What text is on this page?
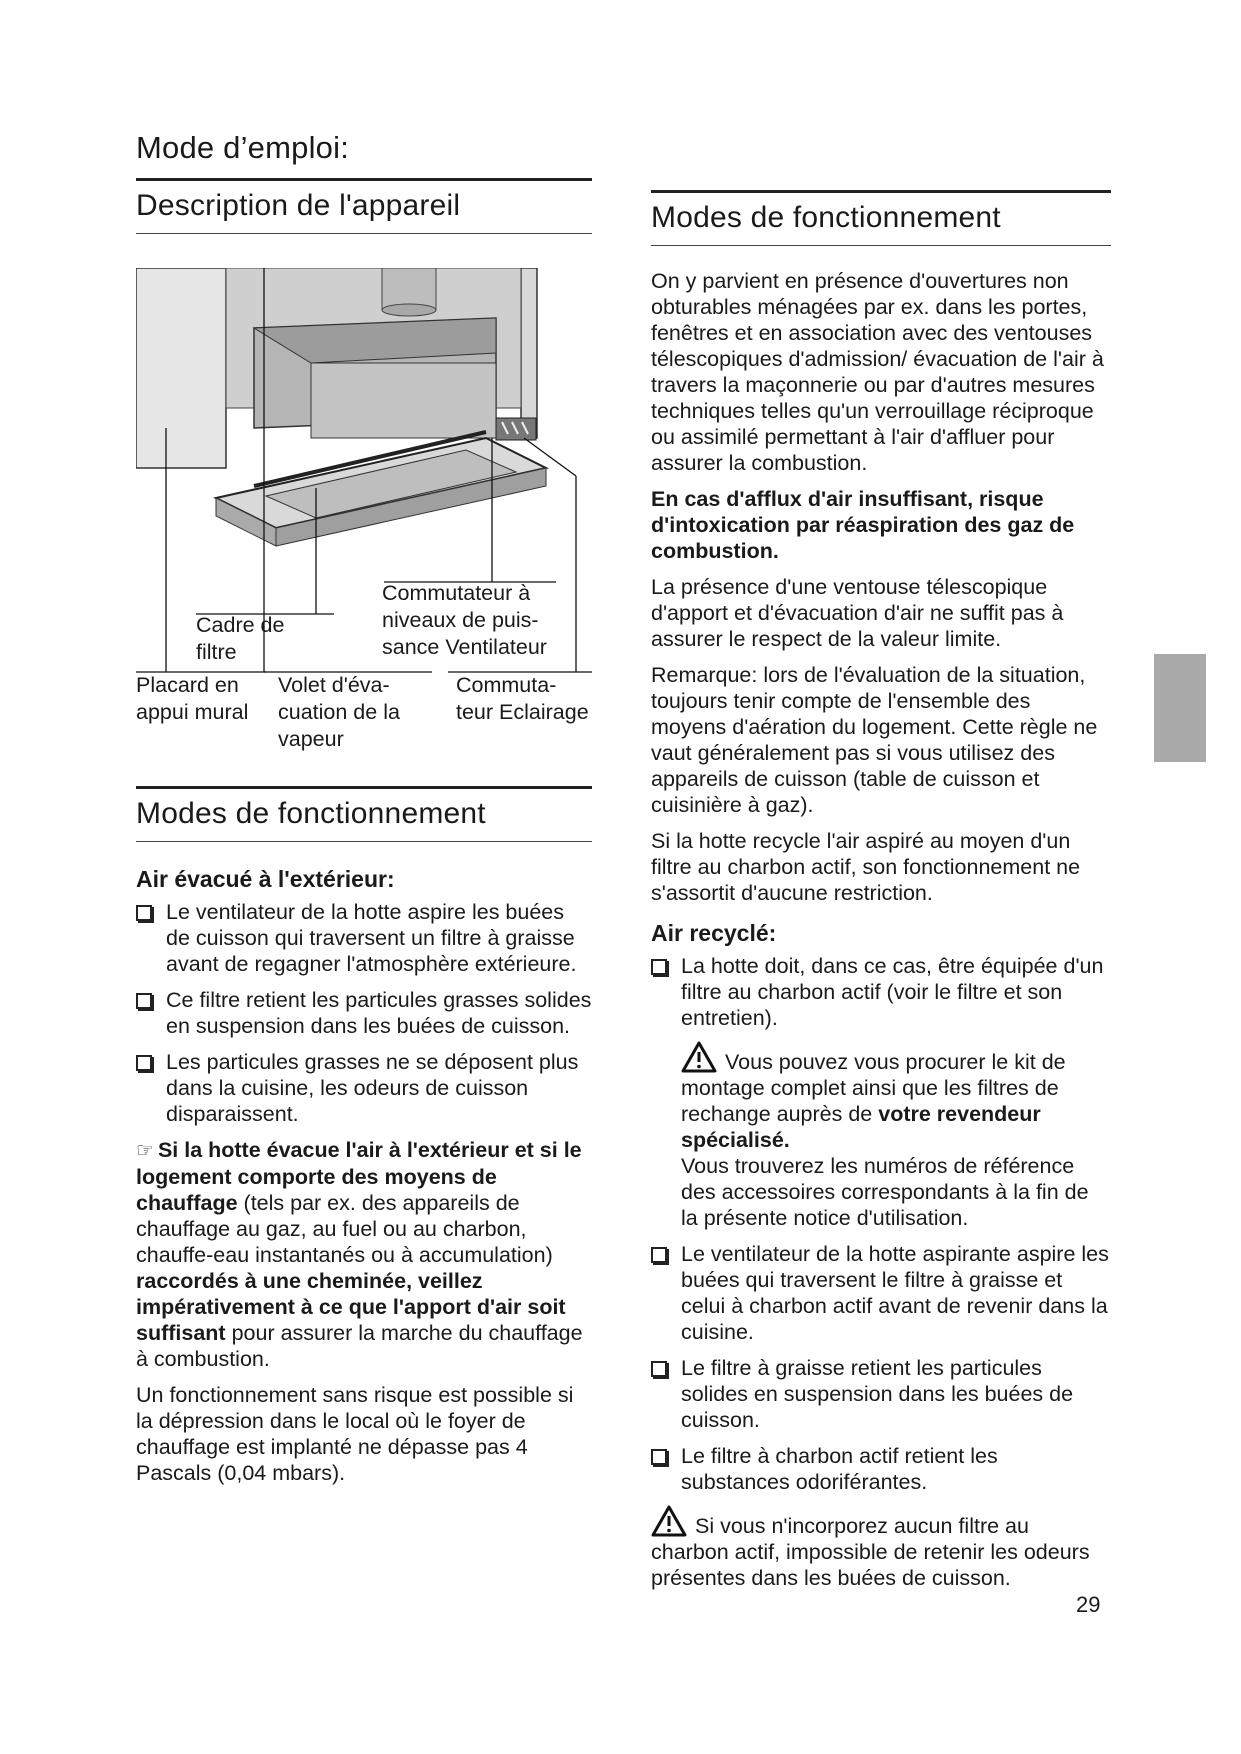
Mode d’emploi:
Description de l'appareil
Commutateur à
niveaux de puis-
sance Ventilateur
Cadre de
filtre
Placard en
appui mural
Volet d'éva-
cuation de la
vapeur
Commuta-
teur Eclairage
Modes de fonctionnement
Air évacué à l'extérieur:
Le ventilateur de la hotte aspire les buées de cuisson qui traversent un filtre à graisse avant de regagner l'atmosphère extérieure.
Ce filtre retient les particules grasses solides en suspension dans les buées de cuisson.
Les particules grasses ne se déposent plus dans la cuisine, les odeurs de cuisson disparaissent.

☞ Si la hotte évacue l'air à l'extérieur et si le logement comporte des moyens de chauffage (tels par ex. des appareils de chauffage au gaz, au fuel ou au charbon, chauffe-eau instantanés ou à accumulation) raccordés à une cheminée, veillez impérativement à ce que l'apport d'air soit suffisant pour assurer la marche du chauffage à combustion.

Un fonctionnement sans risque est possible si la dépression dans le local où le foyer de chauffage est implanté ne dépasse pas 4 Pascals (0,04 mbars).

Modes de fonctionnement

On y parvient en présence d'ouvertures non obturables ménagées par ex. dans les portes, fenêtres et en association avec des ventouses télescopiques d'admission/ évacuation de l'air à travers la maçonnerie ou par d'autres mesures techniques telles qu'un verrouillage réciproque ou assimilé permettant à l'air d'affluer pour assurer la combustion.

En cas d'afflux d'air insuffisant, risque d'intoxication par réaspiration des gaz de combustion.

La présence d'une ventouse télescopique d'apport et d'évacuation d'air ne suffit pas à assurer le respect de la valeur limite.

Remarque: lors de l'évaluation de la situation, toujours tenir compte de l'ensemble des moyens d'aération du logement. Cette règle ne vaut généralement pas si vous utilisez des appareils de cuisson (table de cuisson et cuisinière à gaz).

Si la hotte recycle l'air aspiré au moyen d'un filtre au charbon actif, son fonctionnement ne s'assortit d'aucune restriction.

Air recyclé:
La hotte doit, dans ce cas, être équipée d'un filtre au charbon actif (voir le filtre et son entretien).

Vous pouvez vous procurer le kit de montage complet ainsi que les filtres de rechange auprès de votre revendeur spécialisé.

Vous trouverez les numéros de référence des accessoires correspondants à la fin de la présente notice d'utilisation.

Le ventilateur de la hotte aspirante aspire les buées qui traversent le filtre à graisse et celui à charbon actif avant de revenir dans la cuisine.
Le filtre à graisse retient les particules solides en suspension dans les buées de cuisson.
Le filtre à charbon actif retient les substances odoriférantes.

Si vous n'incorporez aucun filtre au charbon actif, impossible de retenir les odeurs présentes dans les buées de cuisson.

29
